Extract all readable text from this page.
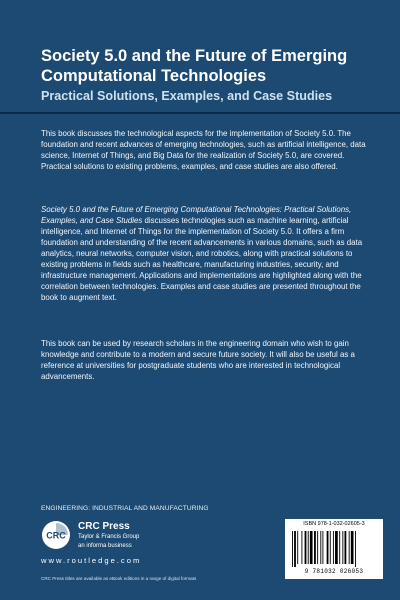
Society 5.0 and the Future of Emerging Computational Technologies
Practical Solutions, Examples, and Case Studies

This book discusses the technological aspects for the implementation of Society 5.0. The foundation and recent advances of emerging technologies, such as artificial intelligence, data science, Internet of Things, and Big Data for the realization of Society 5.0, are covered. Practical solutions to existing problems, examples, and case studies are also offered.

Society 5.0 and the Future of Emerging Computational Technologies: Practical Solutions, Examples, and Case Studies discusses technologies such as machine learning, artificial intelligence, and Internet of Things for the implementation of Society 5.0. It offers a firm foundation and understanding of the recent advancements in various domains, such as data analytics, neural networks, computer vision, and robotics, along with practical solutions to existing problems in fields such as healthcare, manufacturing industries, security, and infrastructure management. Applications and implementations are highlighted along with the correlation between technologies. Examples and case studies are presented throughout the book to augment text.

This book can be used by research scholars in the engineering domain who wish to gain knowledge and contribute to a modern and secure future society. It will also be useful as a reference at universities for postgraduate students who are interested in technological advancements.

ENGINEERING: INDUSTRIAL AND MANUFACTURING
CRC
CRC Press
Taylor & Francis Group
an informa business
www.routledge.com
CRC Press titles are available as eBook editions in a range of digital formats
ISBN 978-1-032-02605-3
9 781032 026053
